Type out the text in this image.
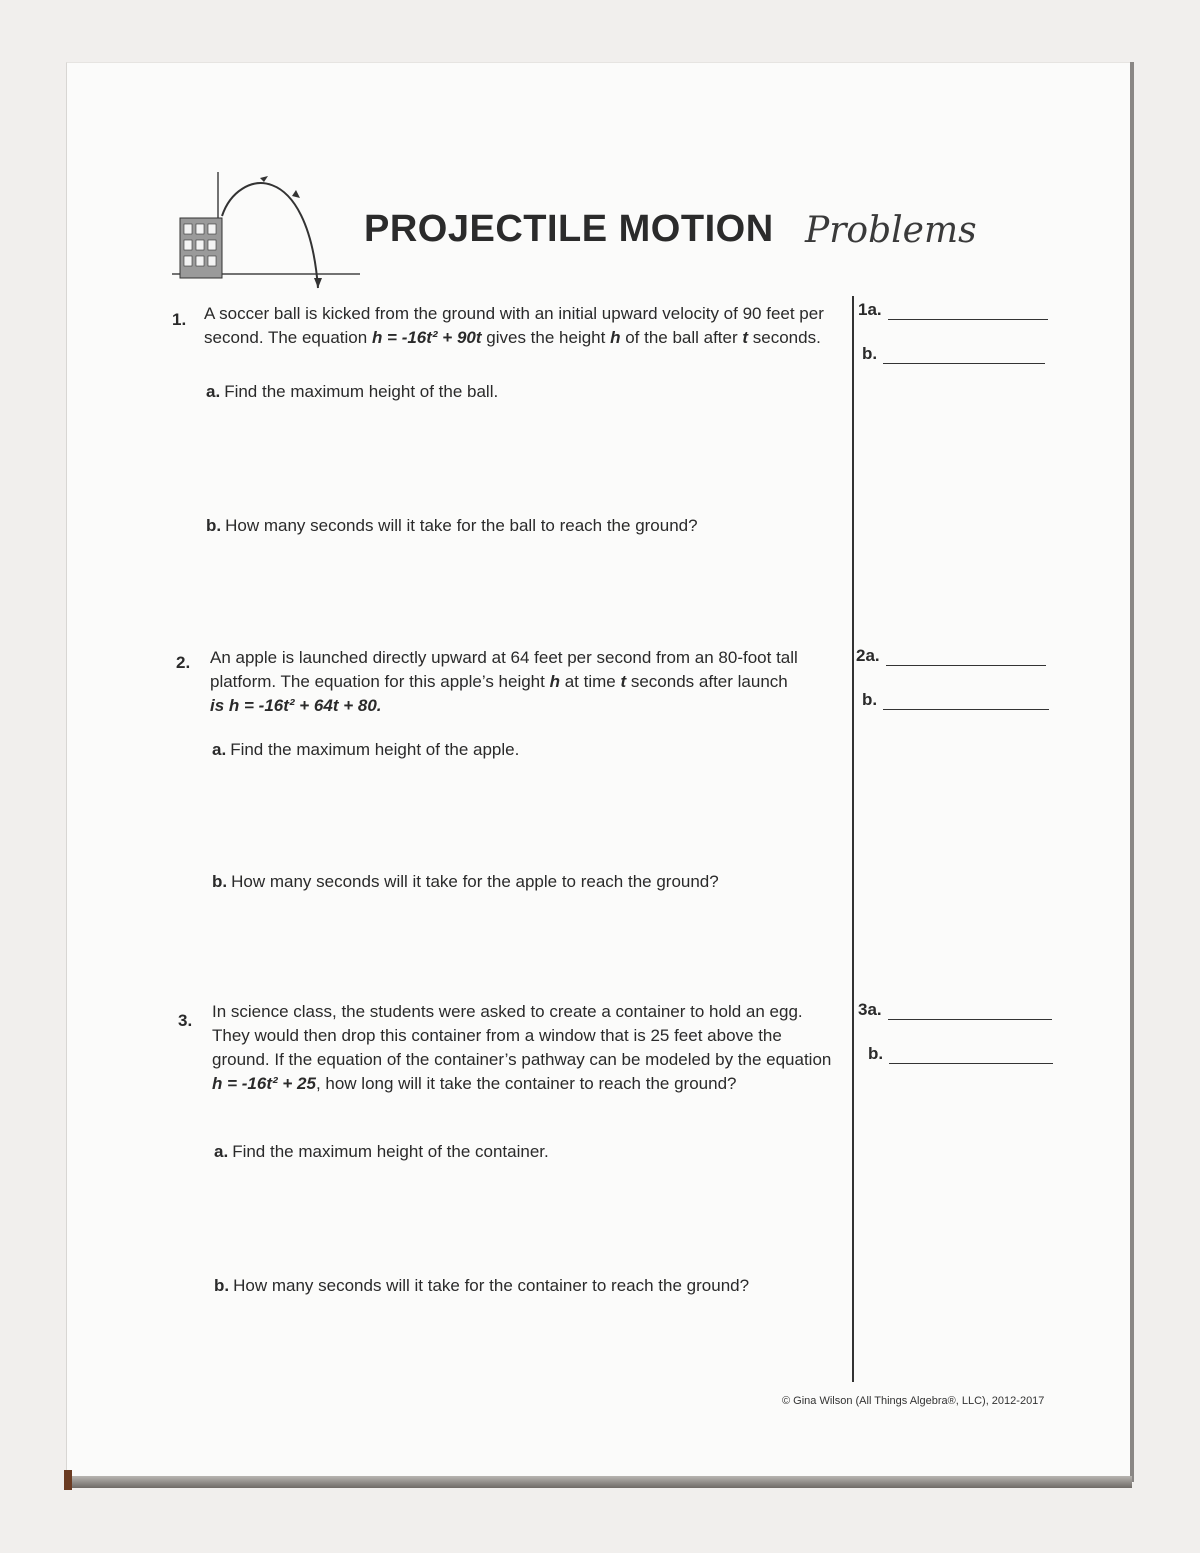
PROJECTILE MOTION Problems
1. A soccer ball is kicked from the ground with an initial upward velocity of 90 feet per second. The equation h = -16t² + 90t gives the height h of the ball after t seconds.
a. Find the maximum height of the ball.
b. How many seconds will it take for the ball to reach the ground?
1a.
b.
2. An apple is launched directly upward at 64 feet per second from an 80-foot tall platform. The equation for this apple’s height h at time t seconds after launch is h = -16t² + 64t + 80.
a. Find the maximum height of the apple.
b. How many seconds will it take for the apple to reach the ground?
2a.
b.
3. In science class, the students were asked to create a container to hold an egg. They would then drop this container from a window that is 25 feet above the ground. If the equation of the container’s pathway can be modeled by the equation h = -16t² + 25, how long will it take the container to reach the ground?
a. Find the maximum height of the container.
b. How many seconds will it take for the container to reach the ground?
3a.
b.
© Gina Wilson (All Things Algebra®, LLC), 2012-2017
